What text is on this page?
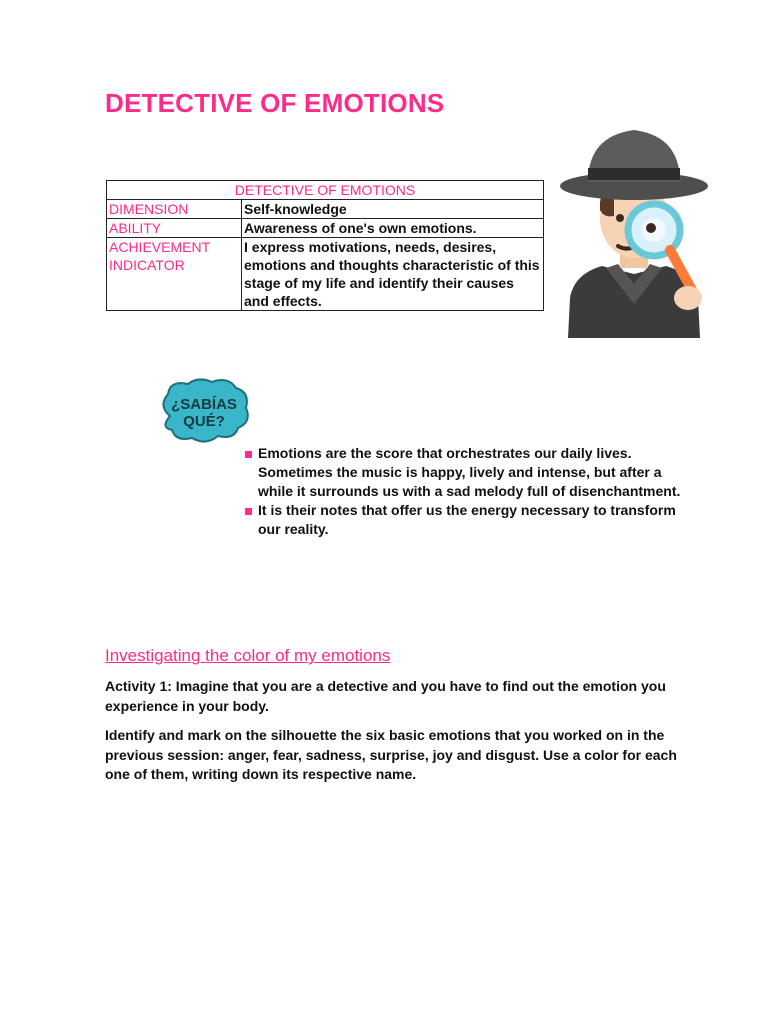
DETECTIVE OF EMOTIONS
DETECTIVE OF EMOTIONS	
DIMENSION	Self-knowledge
ABILITY	Awareness of one's own emotions.
ACHIEVEMENT INDICATOR	I express motivations, needs, desires, emotions and thoughts characteristic of this stage of my life and identify their causes and effects.
¿SABÍAS
QUÉ?
Emotions are the score that orchestrates our daily lives. Sometimes the music is happy, lively and intense, but after a while it surrounds us with a sad melody full of disenchantment.
It is their notes that offer us the energy necessary to transform our reality.
Investigating the color of my emotions

Activity 1: Imagine that you are a detective and you have to find out the emotion you experience in your body.

Identify and mark on the silhouette the six basic emotions that you worked on in the previous session: anger, fear, sadness, surprise, joy and disgust. Use a color for each one of them, writing down its respective name.
